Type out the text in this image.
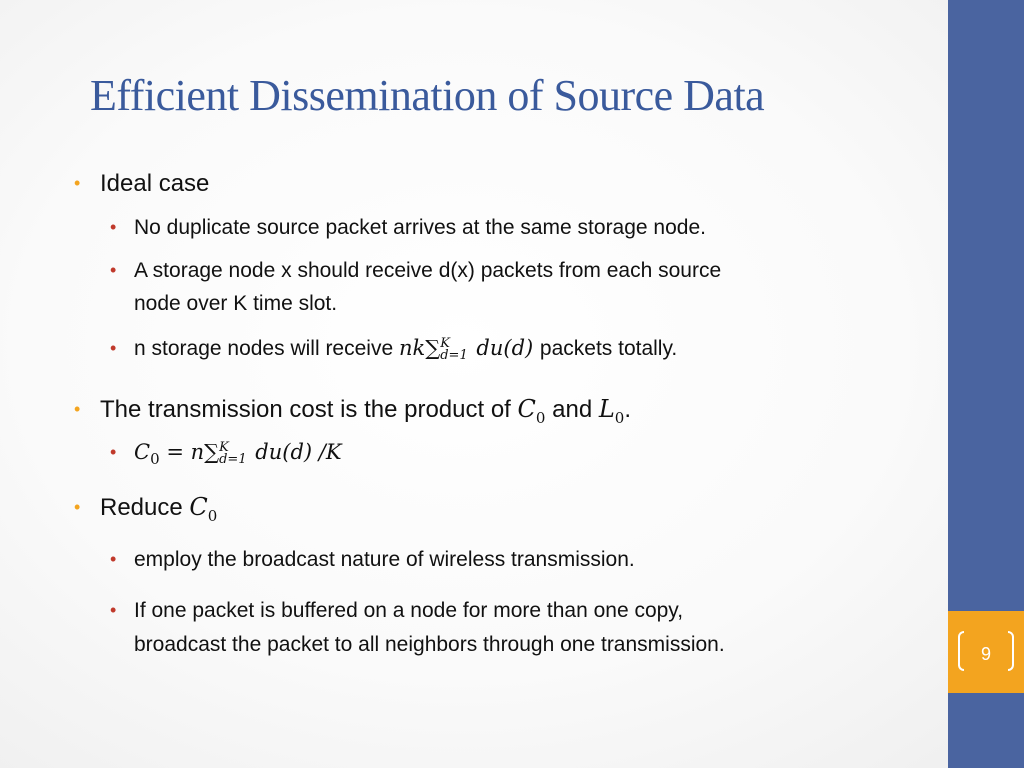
9
Efficient Dissemination of Source Data
• Ideal case
• No duplicate source packet arrives at the same storage node.
• A storage node x should receive d(x) packets from each source
node over K time slot.
• n storage nodes will receive nk∑ K
d=1 du(d) packets totally.
• The transmission cost is the product of $C_0$ and $L_0$.
• $C_0 = n\sum$ K
d=1 du(d) /K
• Reduce $C_0$
• employ the broadcast nature of wireless transmission.
• If one packet is buffered on a node for more than one copy,
broadcast the packet to all neighbors through one transmission.
